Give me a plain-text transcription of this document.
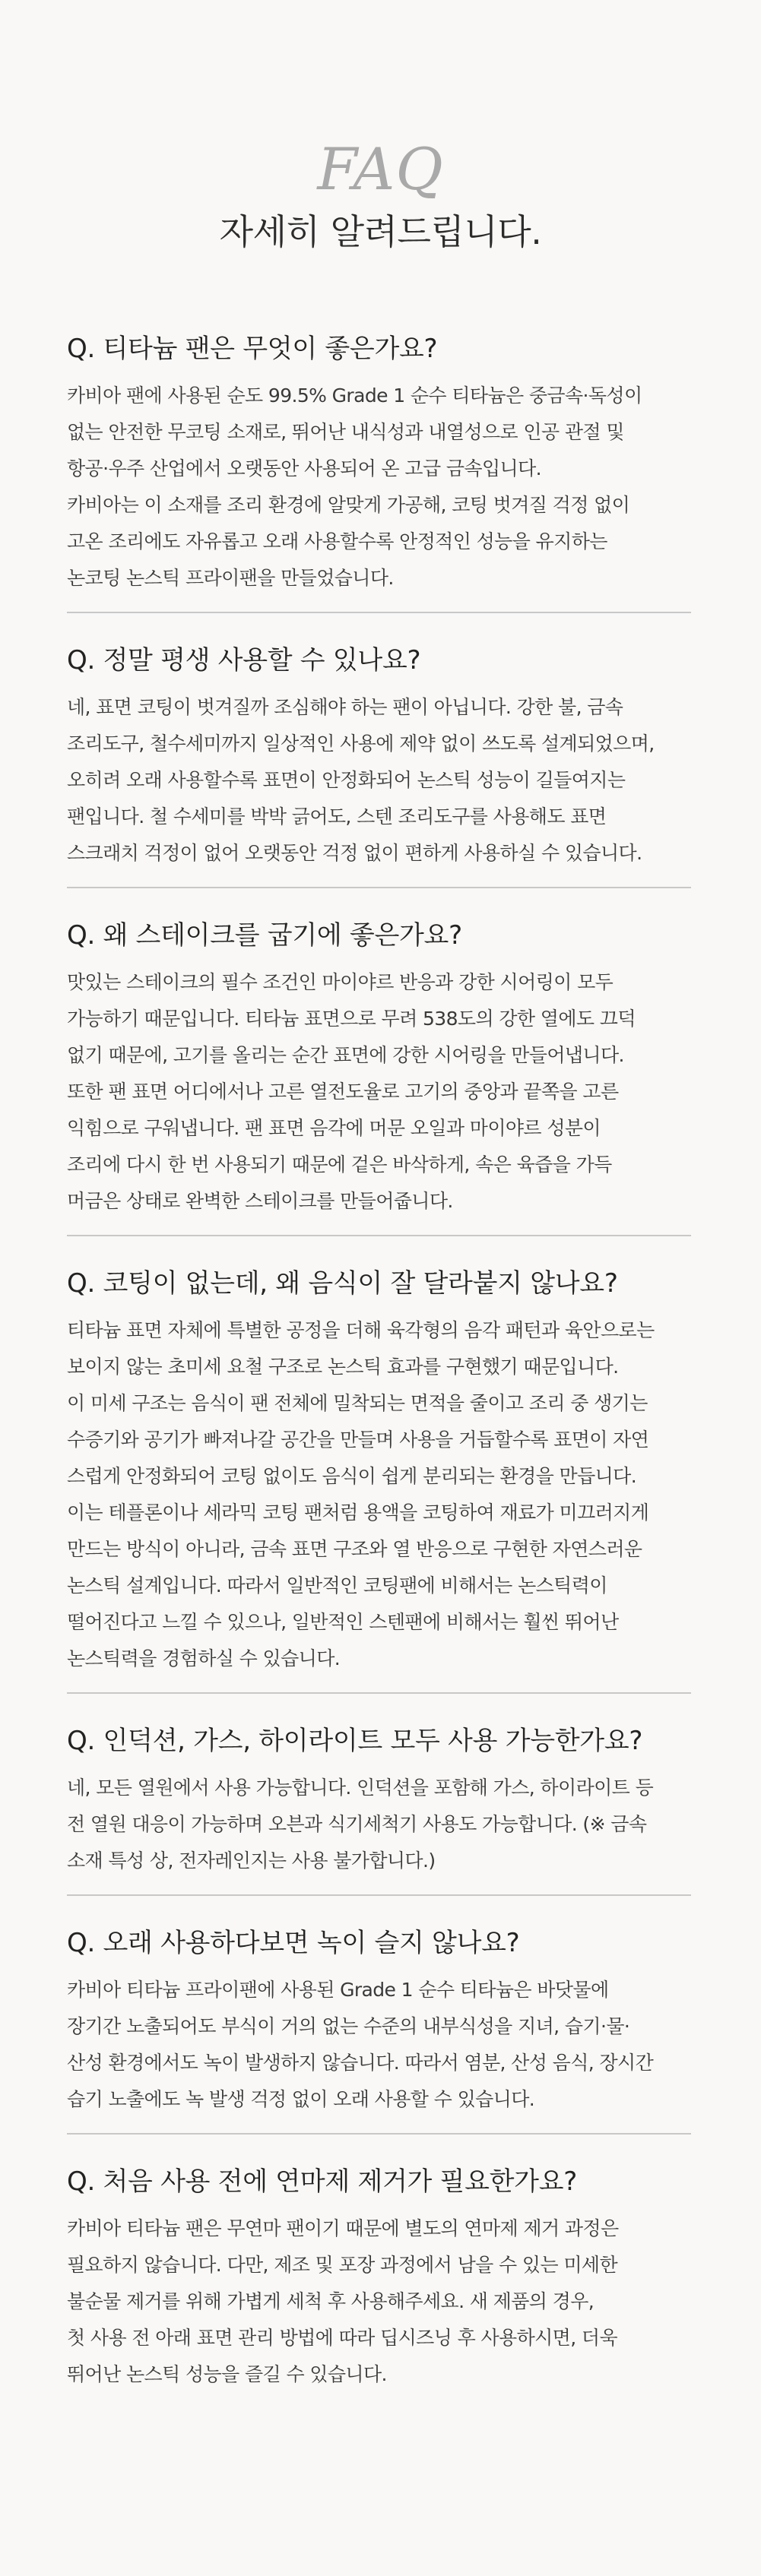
FAQ
자세히 알려드립니다.
Q. 티타늄 팬은 무엇이 좋은가요?
카비아 팬에 사용된 순도 99.5% Grade 1 순수 티타늄은 중금속·독성이
없는 안전한 무코팅 소재로, 뛰어난 내식성과 내열성으로 인공 관절 및
항공·우주 산업에서 오랫동안 사용되어 온 고급 금속입니다.
카비아는 이 소재를 조리 환경에 알맞게 가공해, 코팅 벗겨질 걱정 없이
고온 조리에도 자유롭고 오래 사용할수록 안정적인 성능을 유지하는
논코팅 논스틱 프라이팬을 만들었습니다.
Q. 정말 평생 사용할 수 있나요?
네, 표면 코팅이 벗겨질까 조심해야 하는 팬이 아닙니다. 강한 불, 금속
조리도구, 철수세미까지 일상적인 사용에 제약 없이 쓰도록 설계되었으며,
오히려 오래 사용할수록 표면이 안정화되어 논스틱 성능이 길들여지는
팬입니다. 철 수세미를 박박 긁어도, 스텐 조리도구를 사용해도 표면
스크래치 걱정이 없어 오랫동안 걱정 없이 편하게 사용하실 수 있습니다.
Q. 왜 스테이크를 굽기에 좋은가요?
맛있는 스테이크의 필수 조건인 마이야르 반응과 강한 시어링이 모두
가능하기 때문입니다. 티타늄 표면으로 무려 538도의 강한 열에도 끄덕
없기 때문에, 고기를 올리는 순간 표면에 강한 시어링을 만들어냅니다.
또한 팬 표면 어디에서나 고른 열전도율로 고기의 중앙과 끝쪽을 고른
익힘으로 구워냅니다. 팬 표면 음각에 머문 오일과 마이야르 성분이
조리에 다시 한 번 사용되기 때문에 겉은 바삭하게, 속은 육즙을 가득
머금은 상태로 완벽한 스테이크를 만들어줍니다.
Q. 코팅이 없는데, 왜 음식이 잘 달라붙지 않나요?
티타늄 표면 자체에 특별한 공정을 더해 육각형의 음각 패턴과 육안으로는
보이지 않는 초미세 요철 구조로 논스틱 효과를 구현했기 때문입니다.
이 미세 구조는 음식이 팬 전체에 밀착되는 면적을 줄이고 조리 중 생기는
수증기와 공기가 빠져나갈 공간을 만들며 사용을 거듭할수록 표면이 자연
스럽게 안정화되어 코팅 없이도 음식이 쉽게 분리되는 환경을 만듭니다.
이는 테플론이나 세라믹 코팅 팬처럼 용액을 코팅하여 재료가 미끄러지게
만드는 방식이 아니라, 금속 표면 구조와 열 반응으로 구현한 자연스러운
논스틱 설계입니다. 따라서 일반적인 코팅팬에 비해서는 논스틱력이
떨어진다고 느낄 수 있으나, 일반적인 스텐팬에 비해서는 훨씬 뛰어난
논스틱력을 경험하실 수 있습니다.
Q. 인덕션, 가스, 하이라이트 모두 사용 가능한가요?
네, 모든 열원에서 사용 가능합니다. 인덕션을 포함해 가스, 하이라이트 등
전 열원 대응이 가능하며 오븐과 식기세척기 사용도 가능합니다. (※ 금속
소재 특성 상, 전자레인지는 사용 불가합니다.)
Q. 오래 사용하다보면 녹이 슬지 않나요?
카비아 티타늄 프라이팬에 사용된 Grade 1 순수 티타늄은 바닷물에
장기간 노출되어도 부식이 거의 없는 수준의 내부식성을 지녀, 습기·물·
산성 환경에서도 녹이 발생하지 않습니다. 따라서 염분, 산성 음식, 장시간
습기 노출에도 녹 발생 걱정 없이 오래 사용할 수 있습니다.
Q. 처음 사용 전에 연마제 제거가 필요한가요?
카비아 티타늄 팬은 무연마 팬이기 때문에 별도의 연마제 제거 과정은
필요하지 않습니다. 다만, 제조 및 포장 과정에서 남을 수 있는 미세한
불순물 제거를 위해 가볍게 세척 후 사용해주세요. 새 제품의 경우,
첫 사용 전 아래 표면 관리 방법에 따라 딥시즈닝 후 사용하시면, 더욱
뛰어난 논스틱 성능을 즐길 수 있습니다.
